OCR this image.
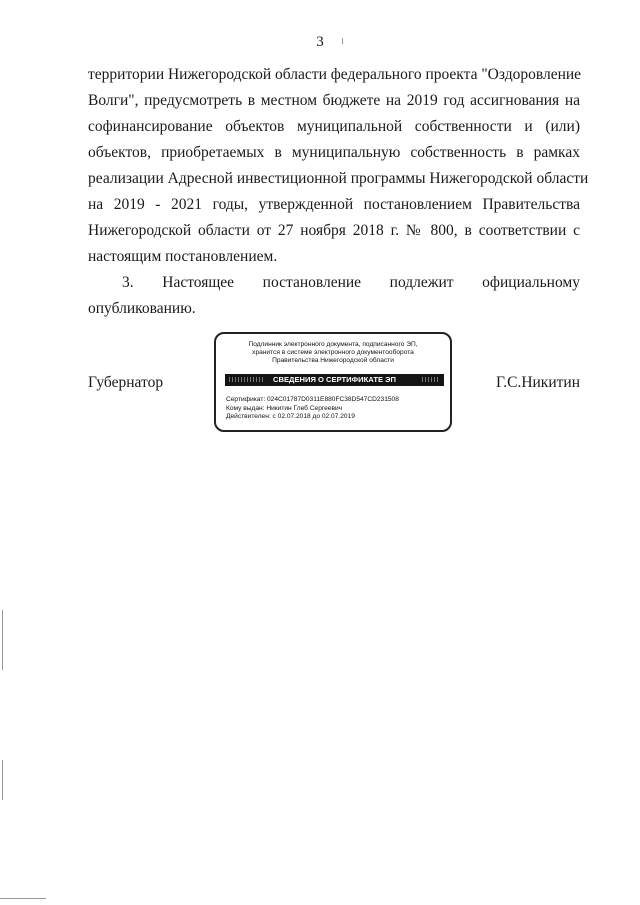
3
территории Нижегородской области федерального проекта "Оздоровление
Волги", предусмотреть в местном бюджете на 2019 год ассигнования на
софинансирование объектов муниципальной собственности и (или)
объектов, приобретаемых в муниципальную собственность в рамках
реализации Адресной инвестиционной программы Нижегородской области
на 2019 - 2021 годы, утвержденной постановлением Правительства
Нижегородской области от 27 ноября 2018 г. № 800, в соответствии с
настоящим постановлением.
3. Настоящее постановление подлежит официальному
опубликованию.
Губернатор	Г.С.Никитин
Подлинник электронного документа, подписанного ЭП,
хранится в системе электронного документооборота
Правительства Нижегородской области
СВЕДЕНИЯ О СЕРТИФИКАТЕ ЭП
Сертификат: 024C01787D0311E880FC38D547CD231508
Кому выдан: Никитин Глеб Сергеевич
Действителен: с 02.07.2018 до 02.07.2019
